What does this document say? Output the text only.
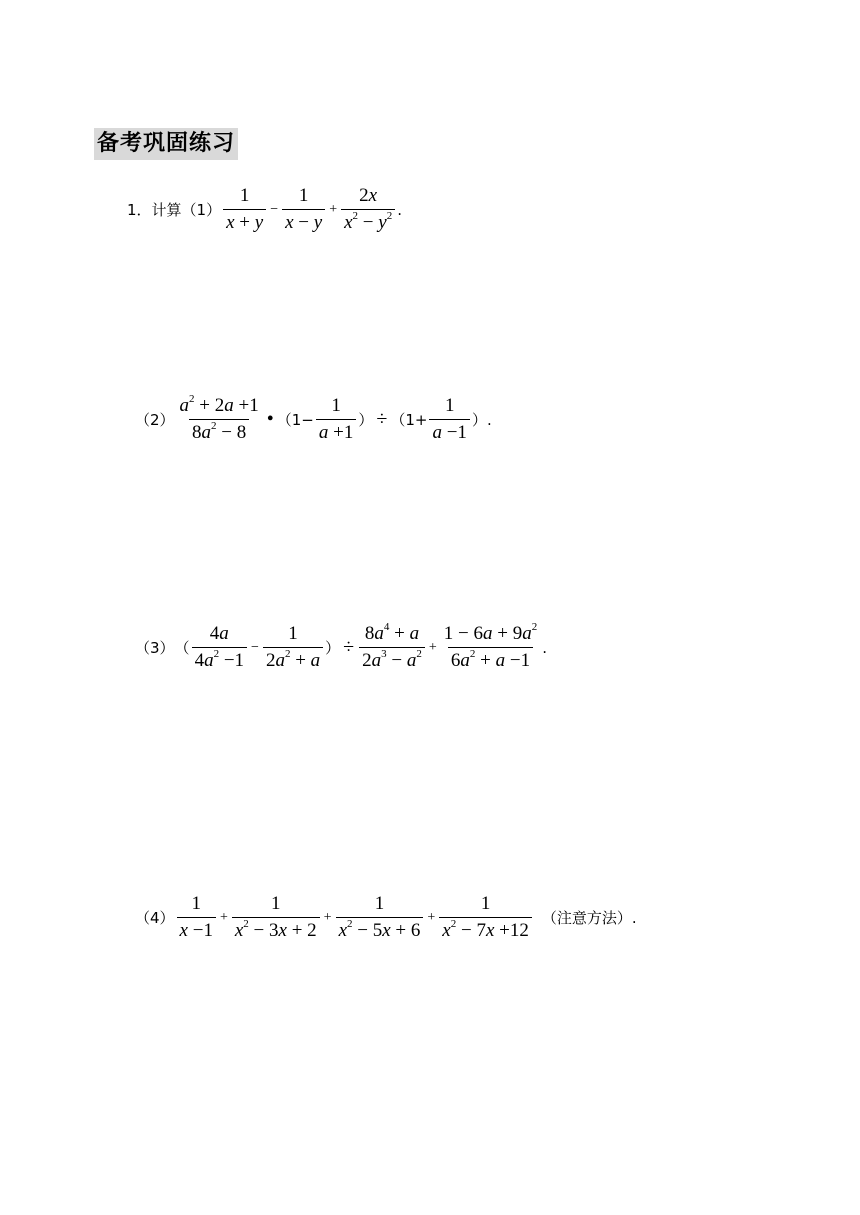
备考巩固练习
1．计算$(1) \frac{1}{x + y} - \frac{1}{x - y} + \frac{2x}{x^2 - y^2}$ .
$(2) \frac{a^2 + 2a +1}{8a^2 - 8}$ • （$1- \frac{1}{a +1}$ ） ÷ （$1+ \frac{1}{a -1}$ ）.
（3） （ $\frac{4a}{4a^2 -1} - \frac{1}{2a^2 + a}$ ） ÷ $\frac{8a^4 + a}{2a^3 - a^2} + \frac{1 - 6a + 9a^2}{6a^2 + a -1}$ .
$(4) \frac{1}{x -1} + \frac{1}{x^2 - 3x + 2} + \frac{1}{x^2 - 5x + 6} + \frac{1}{x^2 - 7x +12}$ （注意方法）.
